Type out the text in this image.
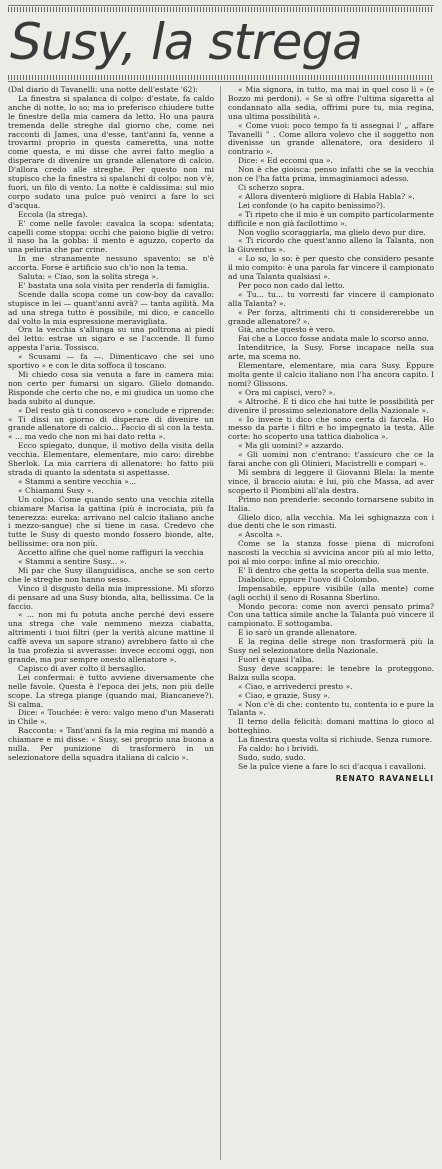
Susy, la strega

(Dal diario di Tavanelli: una notte dell'estate '62):

La finestra si spalanca di colpo: d'estate, fa caldo anche di notte, lo so; ma io preferisco chiudere tutte le finestre della mia camera da letto. Ho una paura tremenda delle streghe dal giorno che, come nei racconti di James, una d'esse, tant'anni fa, venne a trovarmi proprio in questa cameretta, una notte come questa, e mi disse che avrei fatto meglio a disperare di divenire un grande allenatore di calcio. D'allora credo alle streghe. Per questo non mi stupisco che la finestra si spalanchi di colpo: non v'è, fuori, un filo di vento. La notte è caldissima: sul mio corpo sudato una pulce può venirci a fare lo sci d'acqua.

Eccola (la strega).

E' come nelle favole: cavalca la scopa: sdentata; capelli come stoppa: occhi che paiono biglie di vetro: il naso ha la gobba: il mento è aguzzo, coperto da una peluria che par crine.

In me stranamente nessuno spavento: se n'è accorta. Forse è artificio suo ch'io non la tema.

Saluta: « Ciao, son la solita strega ».

E' bastata una sola visita per renderla di famiglia.

Scende dalla scopa come un cow-boy da cavallo: stupisce in lei — quant'anni avrà? — tanta agilità. Ma ad una strega tutto è possibile, mi dico, e cancello dal volto la mia espressione meravigliata.

Ora la vecchia s'allunga su una poltrona ai piedi del letto: estrae un sigaro e se l'accende. Il fumo appesta l'aria. Tossisco.

« Scusami — fa —. Dimenticavo che sei uno sportivo » e con le dita soffoca il toscano.

Mi chiedo cosa sia venuta a fare in camera mia: non certo per fumarsi un sigaro. Glielo domando. Risponde che certo che no, e mi giudica un uomo che bada subito al dunque.

« Del resto già ti conoscevo » conclude e riprende: « Ti dissi un giorno di disperare di divenire un grande allenatore di calcio... Faccio di sì con la testa. « ... ma vedo che non mi hai dato retta ».

Ecco spiegato, dunque, il motivo della visita della vecchia. Elementare, elementare, mio caro: direbbe Sherlok. La mia carriera di allenatore: ho fatto più strada di quanto la sdentata si aspettasse.

« Stammi a sentire vecchia »...

« Chiamami Susy ».

Un colpo. Come quando sento una vecchia zitella chiamare Marisa la gattina (più è incrociata, più fa tenerezza: eureka: arrivano nel calcio italiano anche i mezzo-sangue) che si tiene in casa. Credevo che tutte le Susy di questo mondo fossero bionde, alte, bellissime: ora non più.

Accetto alfine che quel nome raffiguri la vecchia

« Stammi a sentire Susy... ».

Mi par che Susy illanguidisca, anche se son certo che le streghe non hanno sesso.

Vinco il disgusto della mia impressione. Mi sforzo di pensare ad una Susy bionda, alta, bellissima. Ce la faccio.

« ... non mi fu potuta anche perché devi essere una strega che vale nemmeno mezza ciabatta, altrimenti i tuoi filtri (per la verità alcune mattine il caffè aveva un sapore strano) avrebbero fatto sì che la tua profezia si avverasse: invece eccomi oggi, non grande, ma pur sempre onesto allenatore ».

Capisco di aver colto il bersaglio.

Lei confermai: è tutto avviene diversamente che nelle favole. Questa è l'epoca dei jets, non più delle scope. La strega piange (quando mai, Biancaneve?). Si calma.

Dice: « Touchée: è vero: valgo meno d'un Maserati in Chile ».

Racconta: « Tant'anni fa la mia regina mi mandò a chiamare e mi disse: « Susy, sei proprio una buona a nulla. Per punizione di trasformerò in un selezionatore della squadra italiana di calcio ».

« Mia signora, in tutto, ma mai in quel coso lì » (e Bozzo mi perdoni). « Se sì offre l'ultima sigaretta al condannato alla sedia, offrimi pure tu, mia regina, una ultima possibilità ».

« Come vuoi: poco tempo fa ti assegnai l' „ affare Tavanelli ” . Come allora volevo che il soggetto non divenisse un grande allenatore, ora desidero il contrario ».

Dice: « Ed eccomi qua ».

Non è che gioisca: penso infatti che se la vecchia non ce l'ha fatta prima, immaginiamoci adesso.

Ci scherzo sopra.

« Allora diventerò migliore di Habla Habla? ».

Lei confonde (o ha capito benissimo?).

« Ti ripeto che il mio è un compito particolarmente difficile e non già facilottimo ».

Non voglio scoraggiarla, ma glielo devo pur dire.

« Ti ricordo che quest'anno alleno la Talanta, non la Giuventus ».

« Lo so, lo so: è per questo che considero pesante il mio compito: è una parola far vincere il campionato ad una Talanta qualsiasi ».

Per poco non cado dal letto.

« Tu... tu... tu vorresti far vincere il campionato alla Talanta? ».

« Per forza, altrimenti chi ti considererebbe un grande allenatore? ».

Già, anche questo è vero.

Fai che a Locco fosse andata male lo scorso anno.

Intenditrice, la Susy. Forse incapace nella sua arte, ma scema no.

Elementare, elementare, mia cara Susy. Eppure molta gente il calcio italiano non l'ha ancora capito. I nomi? Glissons.

« Ora mi capisci, vero? ».

« Altroché. E ti dico che hai tutte le possibilità per divenire il prossimo selezionatore della Nazionale ».

« Io invece ti dico che sono certa di farcela. Ho messo da parte i filtri e ho impegnato la testa. Alle corte: ho scoperto una tattica diabolica ».

« Ma gli uomini? » azzardo.

« Gli uomini non c'entrano: t'assicuro che ce la farai anche con gli Olinieri, Macistrelli e compari ».

Mi sembra di leggere il Giovanni Blela: la mente vince, il braccio aiuta: è lui, più che Massa, ad aver scoperto il Piombini all'ala destra.

Primo non prenderle: secondo tornarsene subito in Italia.

Glielo dico, alla vecchia. Ma lei sghignazza con i due denti che le son rimasti.

« Ascolta ».

Come se la stanza fosse piena di microfoni nascosti la vecchia si avvicina ancor più al mio letto, poi al mio corpo: infine al mio orecchio.

E' lì dentro che getta la scoperta della sua mente.

Diabolico, eppure l'uovo di Colombo.

Impensabile, eppure visibile (alla mente) come (agli occhi) il seno di Rosanna Sberlino.

Mondo pecora: come non averci pensato prima? Con una tattica simile anche la Talanta può vincere il campionato. E sottogamba.

E io sarò un grande allenatore.

E la regina delle strege non trasformerà più la Susy nel selezionatore della Nazionale.

Fuori è quasi l'alba.

Susy deve scappare: le tenebre la proteggono. Balza sulla scopa.

« Ciao, e arrivederci presto ».

« Ciao, e grazie, Susy ».

« Non c'è di che: contento tu, contenta io e pure la Talanta ».

Il terno della felicità: domani mattina lo gioco al botteghino.

La finestra questa volta si richiude. Senza rumore.

Fa caldo: ho i brividi.

Sudo, sudo, sudo.

Se la pulce viene a fare lo sci d'acqua i cavalloni.

RENATO RAVANELLI
